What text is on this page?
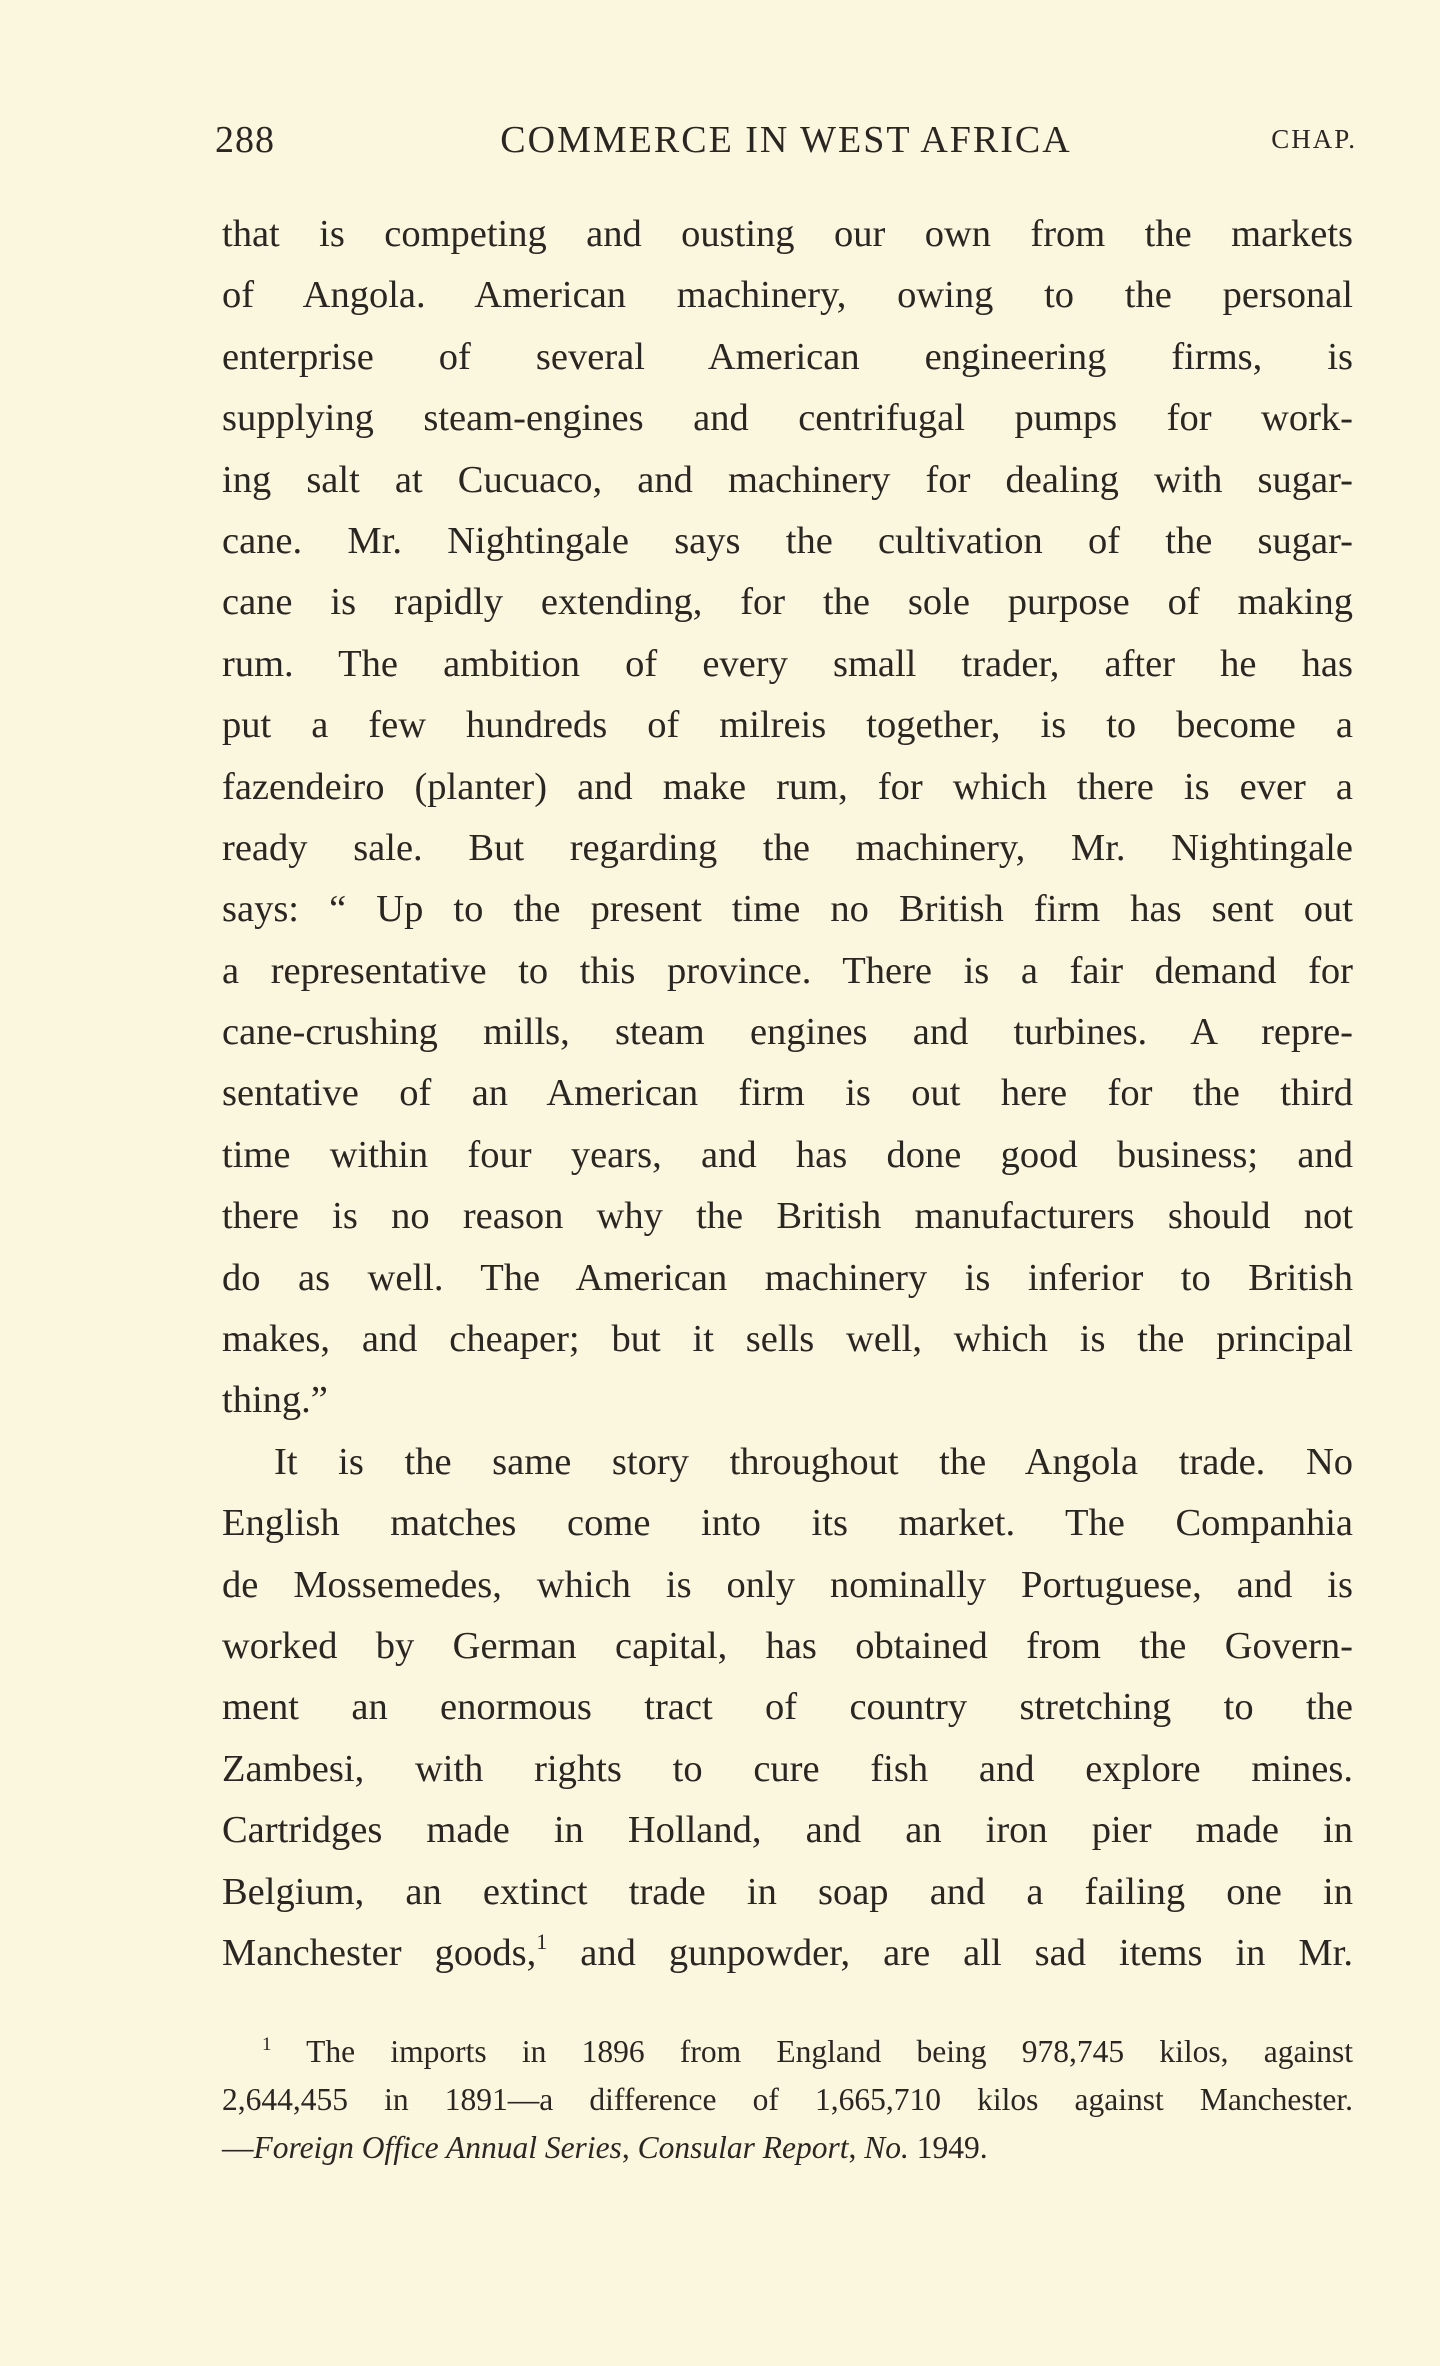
288	COMMERCE IN WEST AFRICA	CHAP.
that is competing and ousting our own from the markets
of Angola. American machinery, owing to the personal
enterprise of several American engineering firms, is
supplying steam-engines and centrifugal pumps for work-
ing salt at Cucuaco, and machinery for dealing with sugar-
cane. Mr. Nightingale says the cultivation of the sugar-
cane is rapidly extending, for the sole purpose of making
rum. The ambition of every small trader, after he has
put a few hundreds of milreis together, is to become a
fazendeiro (planter) and make rum, for which there is ever a
ready sale. But regarding the machinery, Mr. Nightingale
says: “ Up to the present time no British firm has sent out
a representative to this province. There is a fair demand for
cane-crushing mills, steam engines and turbines. A repre-
sentative of an American firm is out here for the third
time within four years, and has done good business; and
there is no reason why the British manufacturers should not
do as well. The American machinery is inferior to British
makes, and cheaper; but it sells well, which is the principal
thing.”
It is the same story throughout the Angola trade. No
English matches come into its market. The Companhia
de Mossemedes, which is only nominally Portuguese, and is
worked by German capital, has obtained from the Govern-
ment an enormous tract of country stretching to the
Zambesi, with rights to cure fish and explore mines.
Cartridges made in Holland, and an iron pier made in
Belgium, an extinct trade in soap and a failing one in
Manchester goods,$^1$ and gunpowder, are all sad items in Mr.
$^1$ The imports in 1896 from England being 978,745 kilos, against
2,644,455 in 1891—a difference of 1,665,710 kilos against Manchester.
—Foreign Office Annual Series, Consular Report, No. 1949.
